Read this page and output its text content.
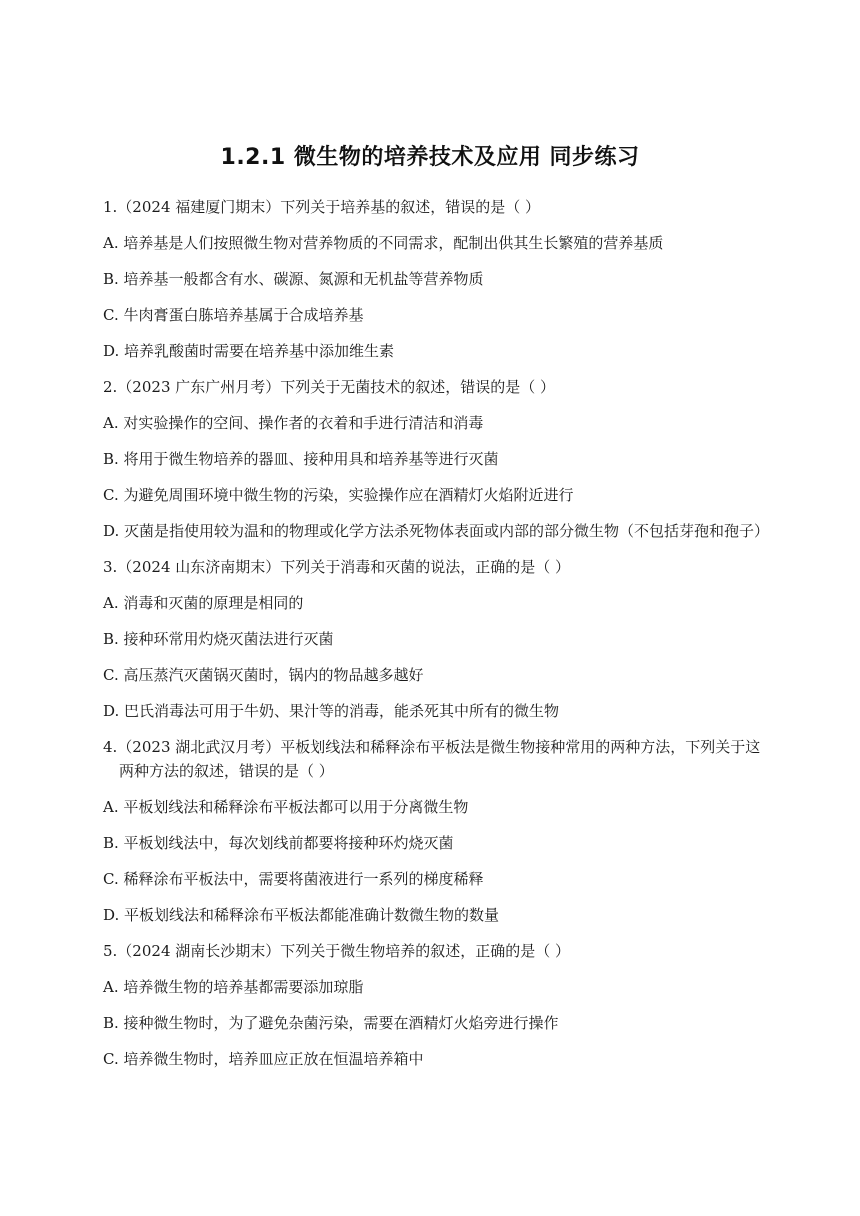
1.2.1 微生物的培养技术及应用 同步练习
1.（2024 福建厦门期末）下列关于培养基的叙述，错误的是（ ）
A. 培养基是人们按照微生物对营养物质的不同需求，配制出供其生长繁殖的营养基质
B. 培养基一般都含有水、碳源、氮源和无机盐等营养物质
C. 牛肉膏蛋白胨培养基属于合成培养基
D. 培养乳酸菌时需要在培养基中添加维生素
2.（2023 广东广州月考）下列关于无菌技术的叙述，错误的是（ ）
A. 对实验操作的空间、操作者的衣着和手进行清洁和消毒
B. 将用于微生物培养的器皿、接种用具和培养基等进行灭菌
C. 为避免周围环境中微生物的污染，实验操作应在酒精灯火焰附近进行
D. 灭菌是指使用较为温和的物理或化学方法杀死物体表面或内部的部分微生物（不包括芽孢和孢子）
3.（2024 山东济南期末）下列关于消毒和灭菌的说法，正确的是（ ）
A. 消毒和灭菌的原理是相同的
B. 接种环常用灼烧灭菌法进行灭菌
C. 高压蒸汽灭菌锅灭菌时，锅内的物品越多越好
D. 巴氏消毒法可用于牛奶、果汁等的消毒，能杀死其中所有的微生物
4.（2023 湖北武汉月考）平板划线法和稀释涂布平板法是微生物接种常用的两种方法，下列关于这两种方法的叙述，错误的是（ ）
A. 平板划线法和稀释涂布平板法都可以用于分离微生物
B. 平板划线法中，每次划线前都要将接种环灼烧灭菌
C. 稀释涂布平板法中，需要将菌液进行一系列的梯度稀释
D. 平板划线法和稀释涂布平板法都能准确计数微生物的数量
5.（2024 湖南长沙期末）下列关于微生物培养的叙述，正确的是（ ）
A. 培养微生物的培养基都需要添加琼脂
B. 接种微生物时，为了避免杂菌污染，需要在酒精灯火焰旁进行操作
C. 培养微生物时，培养皿应正放在恒温培养箱中
